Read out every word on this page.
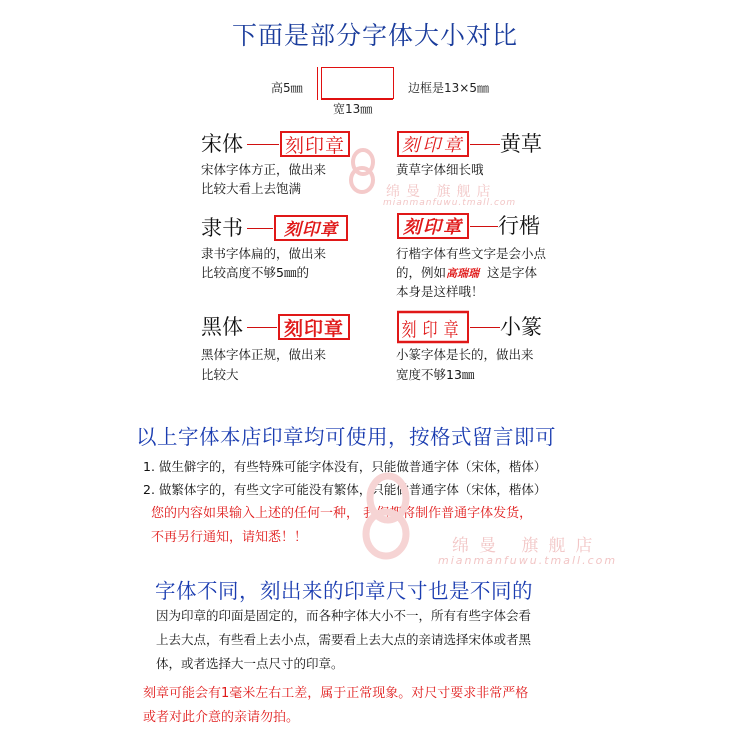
下面是部分字体大小对比
高5㎜
宽13㎜
边框是13×5㎜
宋体 刻印章
宋体字体方正，做出来
比较大看上去饱满
刻印章 黄草
黄草字体细长哦
隶书	刻印章
隶书字体扁的，做出来
比较高度不够5㎜的
刻印章 行楷
行楷字体有些文字是会小点
的，例如高瑞瑞 这是字体
本身是这样哦！
黑体	刻印章
黑体字体正规，做出来
比较大
刻印章 小篆
小篆字体是长的，做出来
宽度不够13㎜
绵曼 旗舰店
mianmanfuwu.tmall.com
以上字体本店印章均可使用，按格式留言即可
1. 做生僻字的，有些特殊可能字体没有，只能做普通字体（宋体，楷体）
2. 做繁体字的，有些文字可能没有繁体，只能做普通字体（宋体，楷体）
您的内容如果输入上述的任何一种， 我们都将制作普通字体发货，
不再另行通知，请知悉！！	绵曼 旗舰店
mianmanfuwu.tmall.com
字体不同，刻出来的印章尺寸也是不同的
因为印章的印面是固定的，而各种字体大小不一，所有有些字体会看
上去大点，有些看上去小点，需要看上去大点的亲请选择宋体或者黑
体，或者选择大一点尺寸的印章。
刻章可能会有1毫米左右工差，属于正常现象。对尺寸要求非常严格
或者对此介意的亲请勿拍。
